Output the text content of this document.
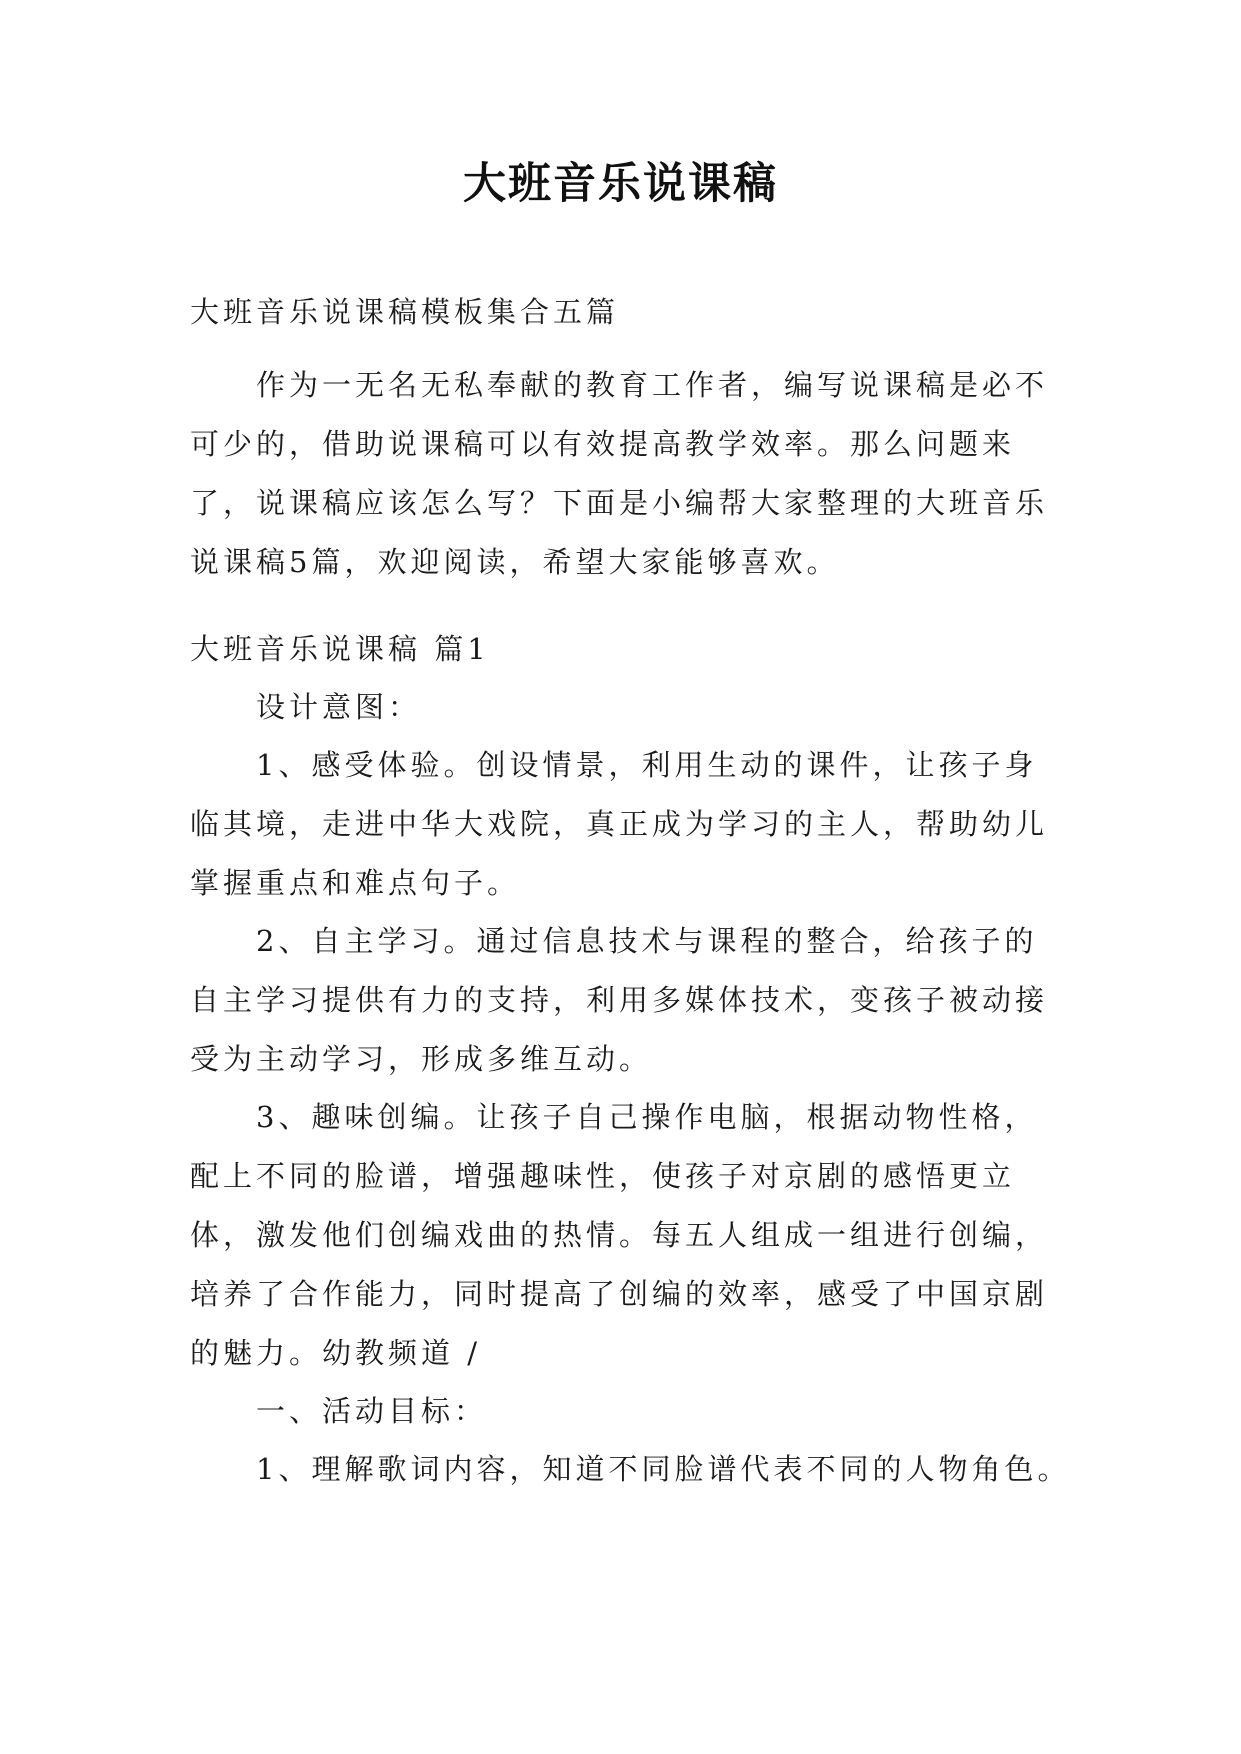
大班音乐说课稿

大班音乐说课稿模板集合五篇

作为一无名无私奉献的教育工作者，编写说课稿是必不可少的，借助说课稿可以有效提高教学效率。那么问题来了，说课稿应该怎么写？下面是小编帮大家整理的大班音乐说课稿5篇，欢迎阅读，希望大家能够喜欢。

大班音乐说课稿 篇1

设计意图：

1、感受体验。创设情景，利用生动的课件，让孩子身临其境，走进中华大戏院，真正成为学习的主人，帮助幼儿掌握重点和难点句子。

2、自主学习。通过信息技术与课程的整合，给孩子的自主学习提供有力的支持，利用多媒体技术，变孩子被动接受为主动学习，形成多维互动。

3、趣味创编。让孩子自己操作电脑，根据动物性格，配上不同的脸谱，增强趣味性，使孩子对京剧的感悟更立体，激发他们创编戏曲的热情。每五人组成一组进行创编，培养了合作能力，同时提高了创编的效率，感受了中国京剧的魅力。幼教频道 /

一、活动目标：

1、理解歌词内容，知道不同脸谱代表不同的人物角色。
